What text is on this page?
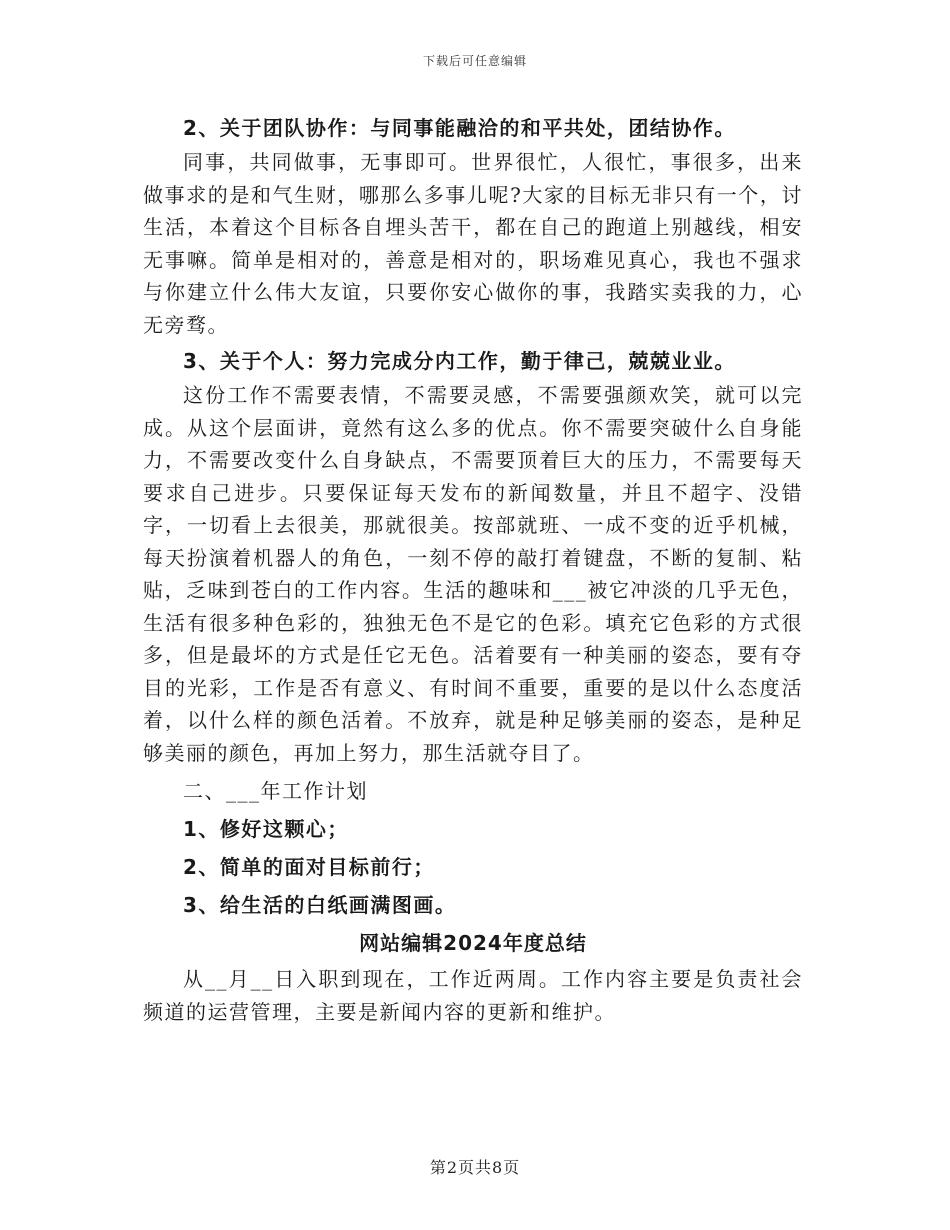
下载后可任意编辑
2、关于团队协作：与同事能融洽的和平共处，团结协作。
同事，共同做事，无事即可。世界很忙，人很忙，事很多，出来做事求的是和气生财，哪那么多事儿呢?大家的目标无非只有一个，讨生活，本着这个目标各自埋头苦干，都在自己的跑道上别越线，相安无事嘛。简单是相对的，善意是相对的，职场难见真心，我也不强求与你建立什么伟大友谊，只要你安心做你的事，我踏实卖我的力，心无旁骛。
3、关于个人：努力完成分内工作，勤于律己，兢兢业业。
这份工作不需要表情，不需要灵感，不需要强颜欢笑，就可以完成。从这个层面讲，竟然有这么多的优点。你不需要突破什么自身能力，不需要改变什么自身缺点，不需要顶着巨大的压力，不需要每天要求自己进步。只要保证每天发布的新闻数量，并且不超字、没错字，一切看上去很美，那就很美。按部就班、一成不变的近乎机械，每天扮演着机器人的角色，一刻不停的敲打着键盘，不断的复制、粘贴，乏味到苍白的工作内容。生活的趣味和___被它冲淡的几乎无色，生活有很多种色彩的，独独无色不是它的色彩。填充它色彩的方式很多，但是最坏的方式是任它无色。活着要有一种美丽的姿态，要有夺目的光彩，工作是否有意义、有时间不重要，重要的是以什么态度活着，以什么样的颜色活着。不放弃，就是种足够美丽的姿态，是种足够美丽的颜色，再加上努力，那生活就夺目了。
二、___年工作计划
1、修好这颗心；
2、简单的面对目标前行；
3、给生活的白纸画满图画。
网站编辑2024年度总结
从__月__日入职到现在，工作近两周。工作内容主要是负责社会频道的运营管理，主要是新闻内容的更新和维护。
第2页共8页
